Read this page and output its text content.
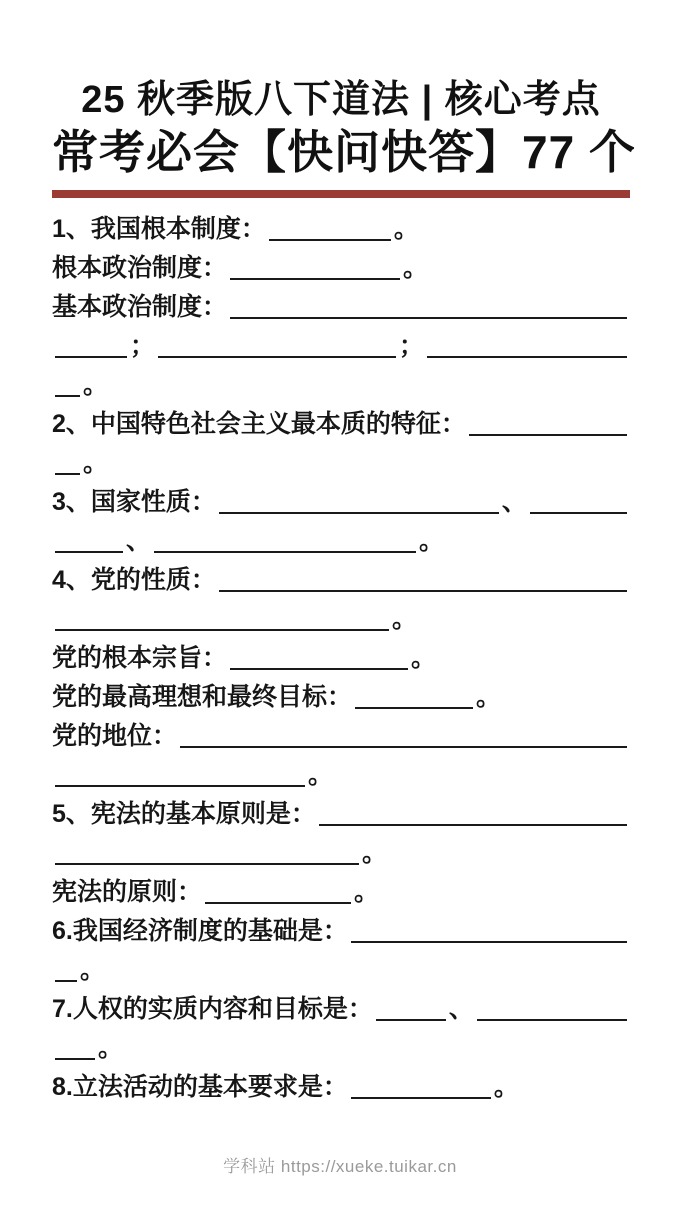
25 秋季版八下道法 | 核心考点
常考必会【快问快答】77 个
1、我国根本制度：	。
根本政治制度：	。
基本政治制度：
；	；
。
2、中国特色社会主义最本质的特征：
。
3、国家性质：	、
、	。
4、党的性质：
。
党的根本宗旨：	。
党的最高理想和最终目标：	。
党的地位：
。
5、宪法的基本原则是：
。
宪法的原则：	。
6.我国经济制度的基础是：
。
7.人权的实质内容和目标是：	、
。
8.立法活动的基本要求是：	。
学科站 https://xueke.tuikar.cn
